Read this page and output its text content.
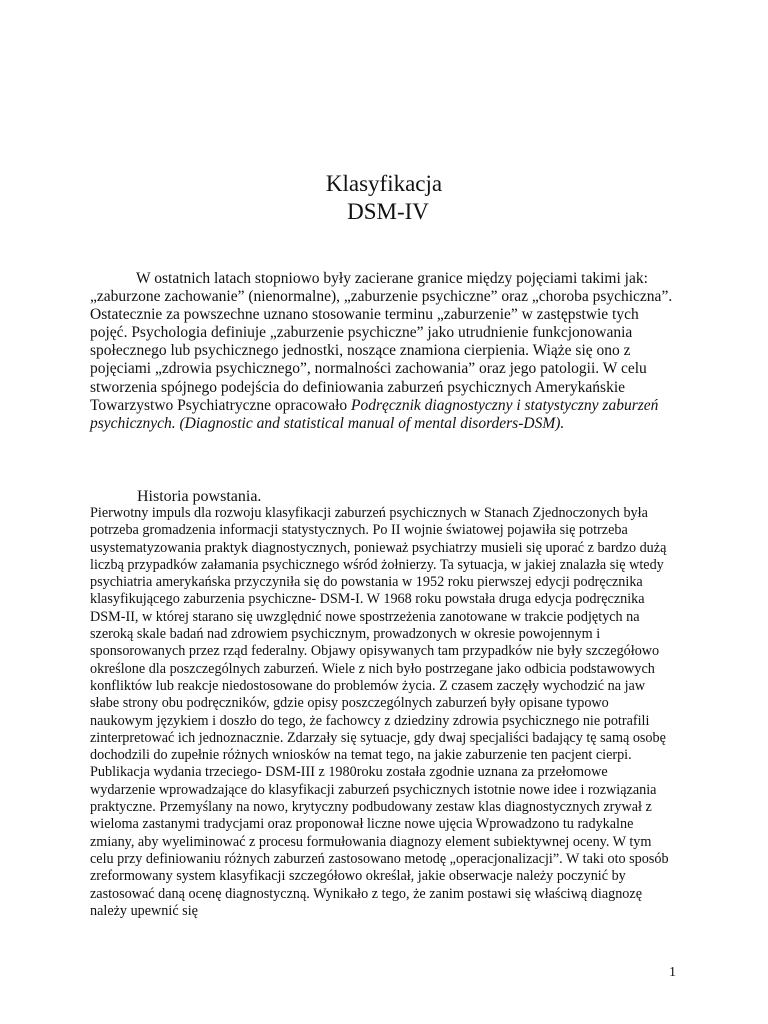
Klasyfikacja
DSM-IV

W ostatnich latach stopniowo były zacierane granice między pojęciami takimi jak: „zaburzone zachowanie” (nienormalne), „zaburzenie psychiczne” oraz „choroba psychiczna”. Ostatecznie za powszechne uznano stosowanie terminu „zaburzenie” w zastępstwie tych pojęć. Psychologia definiuje „zaburzenie psychiczne” jako utrudnienie funkcjonowania społecznego lub psychicznego jednostki, noszące znamiona cierpienia. Wiąże się ono z pojęciami „zdrowia psychicznego”, normalności zachowania” oraz jego patologii. W celu stworzenia spójnego podejścia do definiowania zaburzeń psychicznych Amerykańskie Towarzystwo Psychiatryczne opracowało Podręcznik diagnostyczny i statystyczny zaburzeń psychicznych. (Diagnostic and statistical manual of mental disorders-DSM).

Historia powstania.

Pierwotny impuls dla rozwoju klasyfikacji zaburzeń psychicznych w Stanach Zjednoczonych była potrzeba gromadzenia informacji statystycznych. Po II wojnie światowej pojawiła się potrzeba usystematyzowania praktyk diagnostycznych, ponieważ psychiatrzy musieli się uporać z bardzo dużą liczbą przypadków załamania psychicznego wśród żołnierzy. Ta sytuacja, w jakiej znalazła się wtedy psychiatria amerykańska przyczyniła się do powstania w 1952 roku pierwszej edycji podręcznika klasyfikującego zaburzenia psychiczne- DSM-I. W 1968 roku powstała druga edycja podręcznika DSM-II, w której starano się uwzględnić nowe spostrzeżenia zanotowane w trakcie podjętych na szeroką skale badań nad zdrowiem psychicznym, prowadzonych w okresie powojennym i sponsorowanych przez rząd federalny. Objawy opisywanych tam przypadków nie były szczegółowo określone dla poszczególnych zaburzeń. Wiele z nich było postrzegane jako odbicia podstawowych konfliktów lub reakcje niedostosowane do problemów życia. Z czasem zaczęły wychodzić na jaw słabe strony obu podręczników, gdzie opisy poszczególnych zaburzeń były opisane typowo naukowym językiem i doszło do tego, że fachowcy z dziedziny zdrowia psychicznego nie potrafili zinterpretować ich jednoznacznie. Zdarzały się sytuacje, gdy dwaj specjaliści badający tę samą osobę dochodzili do zupełnie różnych wniosków na temat tego, na jakie zaburzenie ten pacjent cierpi. Publikacja wydania trzeciego- DSM-III z 1980roku została zgodnie uznana za przełomowe wydarzenie wprowadzające do klasyfikacji zaburzeń psychicznych istotnie nowe idee i rozwiązania praktyczne. Przemyślany na nowo, krytyczny podbudowany zestaw klas diagnostycznych zrywał z wieloma zastanymi tradycjami oraz proponował liczne nowe ujęcia Wprowadzono tu radykalne zmiany, aby wyeliminować z procesu formułowania diagnozy element subiektywnej oceny. W tym celu przy definiowaniu różnych zaburzeń zastosowano metodę „operacjonalizacji”. W taki oto sposób zreformowany system klasyfikacji szczegółowo określał, jakie obserwacje należy poczynić by zastosować daną ocenę diagnostyczną. Wynikało z tego, że zanim postawi się właściwą diagnozę należy upewnić się

1
